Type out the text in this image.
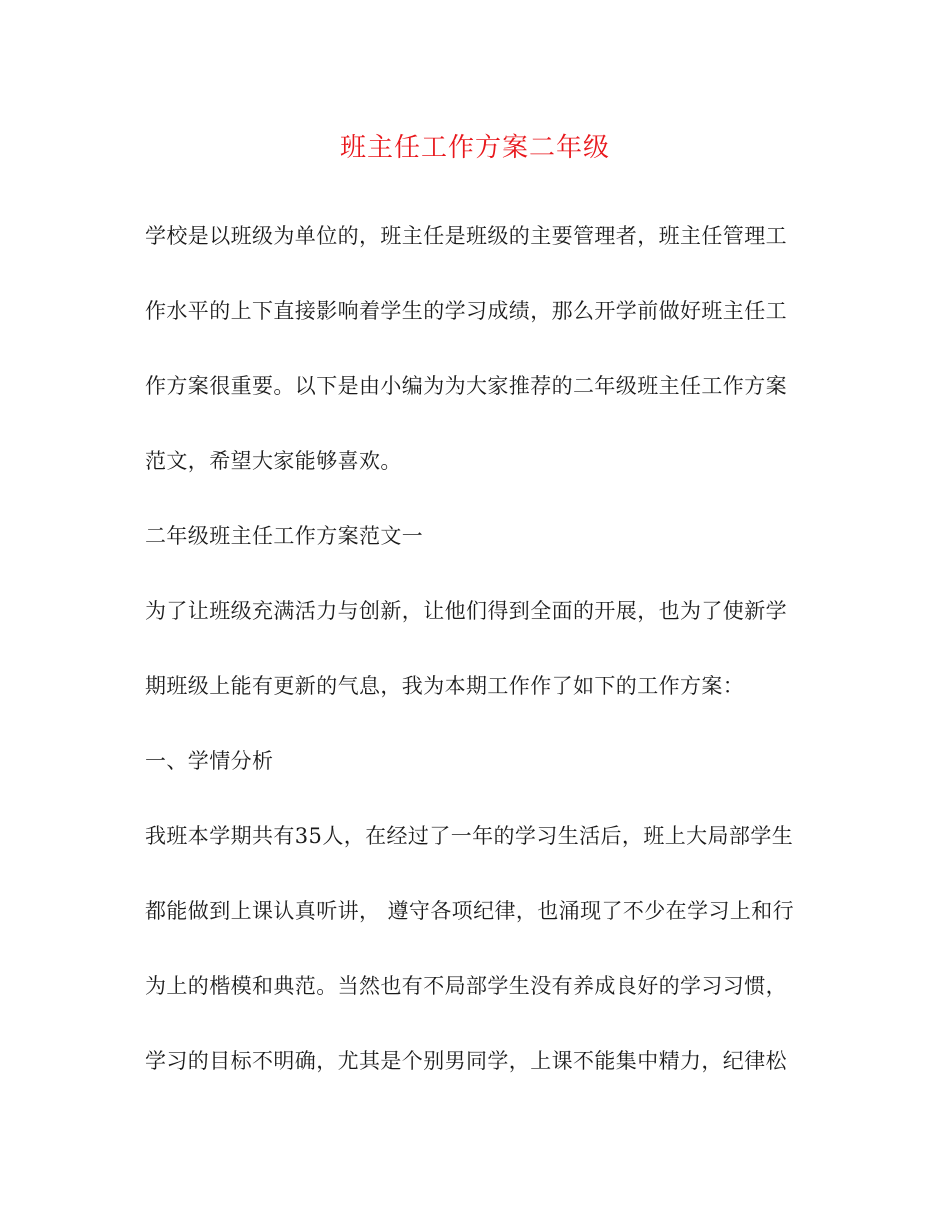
班主任工作方案二年级

学校是以班级为单位的，班主任是班级的主要管理者，班主任管理工

作水平的上下直接影响着学生的学习成绩，那么开学前做好班主任工

作方案很重要。以下是由小编为为大家推荐的二年级班主任工作方案

范文，希望大家能够喜欢。

二年级班主任工作方案范文一

为了让班级充满活力与创新，让他们得到全面的开展，也为了使新学

期班级上能有更新的气息，我为本期工作作了如下的工作方案：

一、学情分析

我班本学期共有35人，在经过了一年的学习生活后，班上大局部学生

都能做到上课认真听讲， 遵守各项纪律，也涌现了不少在学习上和行

为上的楷模和典范。当然也有不局部学生没有养成良好的学习习惯，

学习的目标不明确，尤其是个别男同学，上课不能集中精力，纪律松
